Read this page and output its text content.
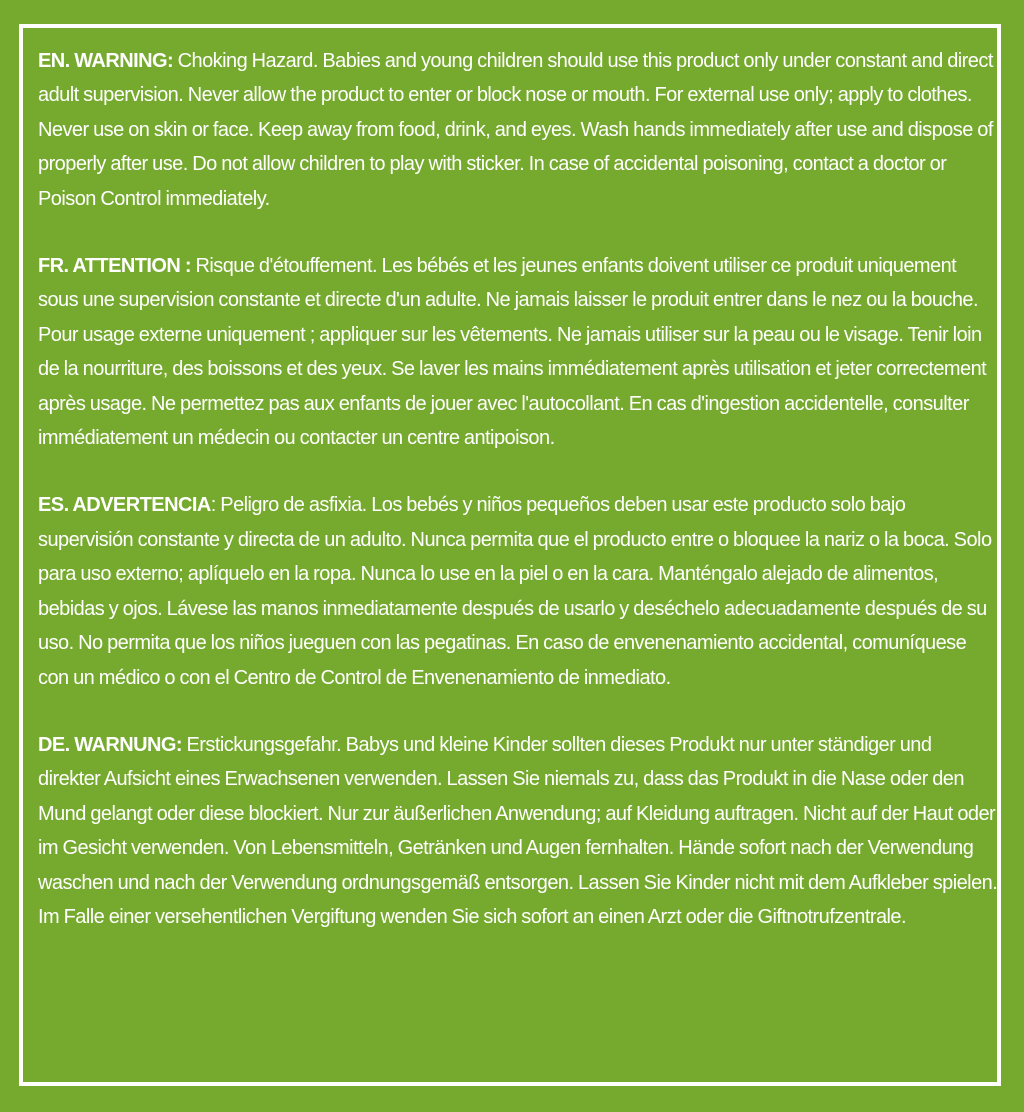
EN. WARNING: Choking Hazard. Babies and young children should use this product only under constant and direct adult supervision. Never allow the product to enter or block nose or mouth. For external use only; apply to clothes. Never use on skin or face. Keep away from food, drink, and eyes. Wash hands immediately after use and dispose of properly after use. Do not allow children to play with sticker. In case of accidental poisoning, contact a doctor or Poison Control immediately.

FR. ATTENTION : Risque d'étouffement. Les bébés et les jeunes enfants doivent utiliser ce produit uniquement sous une supervision constante et directe d'un adulte. Ne jamais laisser le produit entrer dans le nez ou la bouche. Pour usage externe uniquement ; appliquer sur les vêtements. Ne jamais utiliser sur la peau ou le visage. Tenir loin de la nourriture, des boissons et des yeux. Se laver les mains immédiatement après utilisation et jeter correctement après usage. Ne permettez pas aux enfants de jouer avec l'autocollant. En cas d'ingestion accidentelle, consulter immédiatement un médecin ou contacter un centre antipoison.

ES. ADVERTENCIA: Peligro de asfixia. Los bebés y niños pequeños deben usar este producto solo bajo supervisión constante y directa de un adulto. Nunca permita que el producto entre o bloquee la nariz o la boca. Solo para uso externo; aplíquelo en la ropa. Nunca lo use en la piel o en la cara. Manténgalo alejado de alimentos, bebidas y ojos. Lávese las manos inmediatamente después de usarlo y deséchelo adecuadamente después de su uso. No permita que los niños jueguen con las pegatinas. En caso de envenenamiento accidental, comuníquese con un médico o con el Centro de Control de Envenenamiento de inmediato.

DE. WARNUNG: Erstickungsgefahr. Babys und kleine Kinder sollten dieses Produkt nur unter ständiger und direkter Aufsicht eines Erwachsenen verwenden. Lassen Sie niemals zu, dass das Produkt in die Nase oder den Mund gelangt oder diese blockiert. Nur zur äußerlichen Anwendung; auf Kleidung auftragen. Nicht auf der Haut oder im Gesicht verwenden. Von Lebensmitteln, Getränken und Augen fernhalten. Hände sofort nach der Verwendung waschen und nach der Verwendung ordnungsgemäß entsorgen. Lassen Sie Kinder nicht mit dem Aufkleber spielen. Im Falle einer versehentlichen Vergiftung wenden Sie sich sofort an einen Arzt oder die Giftnotrufzentrale.
